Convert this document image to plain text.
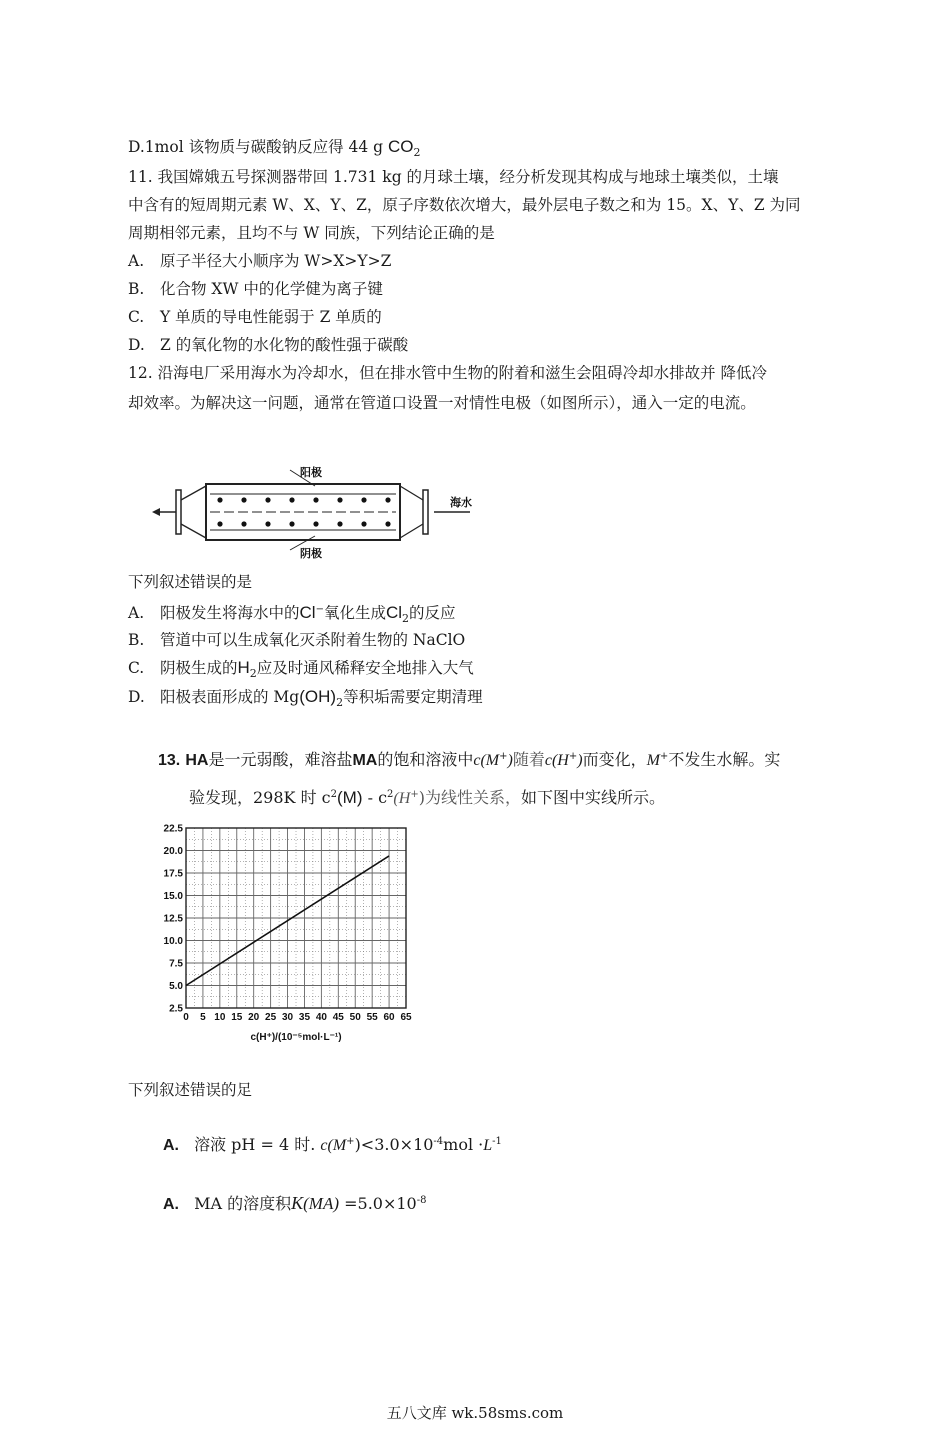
D.1mol 该物质与碳酸钠反应得 44 g $CO_2$
11. 我国嫦娥五号探测器带回 1.731 kg 的月球土壤，经分析发现其构成与地球土壤类似，土壤
中含有的短周期元素 W、X、Y、Z，原子序数依次增大，最外层电子数之和为 15。X、Y、Z 为同
周期相邻元素，且均不与 W 同族，下列结论正确的是
A. 原子半径大小顺序为 W>X>Y>Z
B. 化合物 XW 中的化学健为离子键
C. Y 单质的导电性能弱于 Z 单质的
D. Z 的氧化物的水化物的酸性强于碳酸
12. 沿海电厂采用海水为冷却水，但在排水管中生物的附着和滋生会阻碍冷却水排故并 降低冷
却效率。为解决这一问题，通常在管道口设置一对情性电极（如图所示），通入一定的电流。
阳极
阴极
海水
下列叙述错误的是
A. 阳极发生将海水中的Cl−氧化生成$Cl_2$的反应
B. 管道中可以生成氧化灭杀附着生物的 NaClO
C. 阴极生成的$H_2$应及时通风稀释安全地排入大气
D. 阳极表面形成的 $Mg(OH)_2$等积垢需要定期清理
13. HA是一元弱酸，难溶盐MA的饱和溶液中c(M+)随着c(H+)而变化，M+不发生水解。实
验发现，298K 时 $c^2(M) - c^2(H^+)$为线性关系，如下图中实线所示。
22.5
20.0
17.5
15.0
12.5
10.0
7.5
5.0
2.5
0 5 10 15 20 25 30 35 40 45 50 55 60 65
c(H⁺)/(10⁻⁵mol·L⁻¹)
下列叙述错误的足
A. 溶液 pH = 4 时. $c(M^+)<3.0\times 10^{-4}mol \cdot L^{-1}$
A. MA 的溶度积$K(MA) =5.0\times 10^{-8}$
五八文库 wk.58sms.com
